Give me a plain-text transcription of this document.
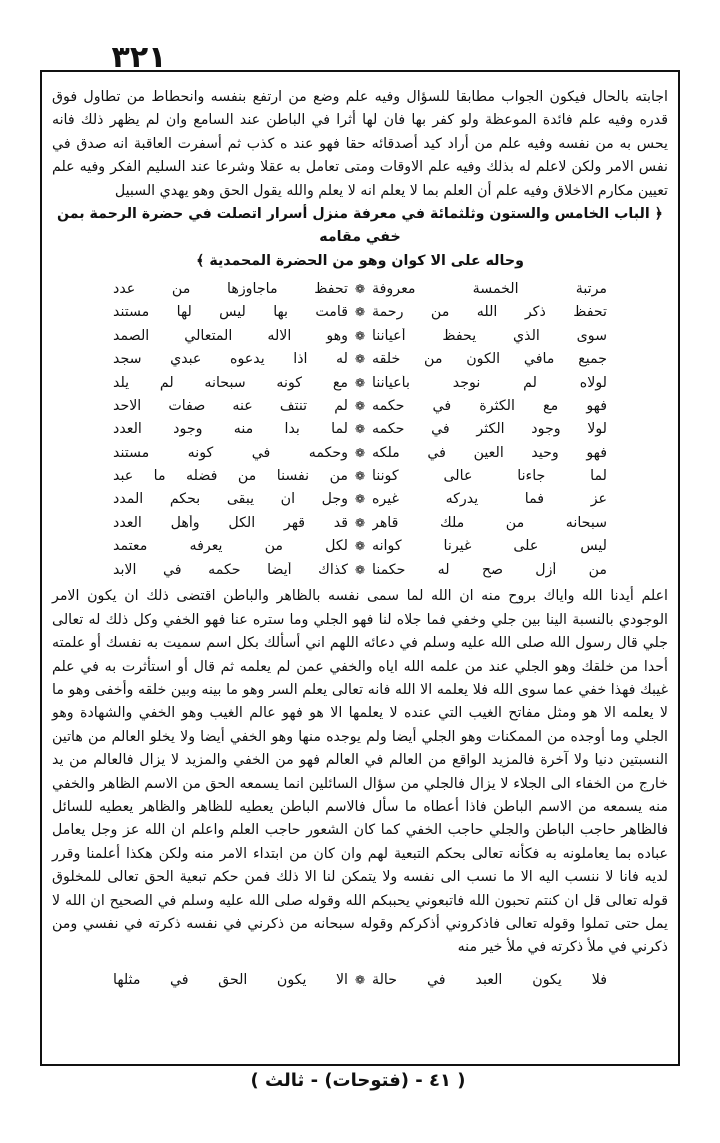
٣٢١

اجابته بالحال فيكون الجواب مطابقا للسؤال وفيه علم وضع من ارتفع بنفسه وانحطاط من تطاول فوق قدره وفيه علم فائدة الموعظة ولو كفر بها فان لها أثرا في الباطن عند السامع وان لم يظهر ذلك فانه يحس به من نفسه وفيه علم من أراد كيد أصدقائه حقا فهو عند ه كذب ثم أسفرت العاقبة انه صدق في نفس الامر ولكن لاعلم له بذلك وفيه علم الاوقات ومتى تعامل به عقلا وشرعا عند السليم الفكر وفيه علم تعيين مكارم الاخلاق وفيه علم أن العلم بما لا يعلم انه لا يعلم والله يقول الحق وهو يهدي السبيل

﴿ الباب الخامس والستون وثلثمائة في معرفة منزل أسرار اتصلت في حضرة الرحمة بمن خفي مقامه
وحاله على الا كوان وهو من الحضرة المحمدية ﴾
تحفظ ماجاوزها من عدد ❁ مرتبة الخمسة معروفة
قامت بها ليس لها مستند ❁ تحفظ ذكر الله من رحمة
وهو الاله المتعالي الصمد ❁ سوى الذي يحفظ أعياننا
له اذا يدعوه عبدي سجد ❁ جميع مافي الكون من خلقه
مع كونه سبحانه لم يلد ❁ لولاه لم نوجد بأعياننا
لم تنتف عنه صفات الاحد ❁ فهو مع الكثرة في حكمه
لما بدا منه وجود العدد ❁ لولا وجود الكثر في حكمه
وحكمه في كونه مستند ❁ فهو وحيد العين في ملكه
من نفسنا من فضله ما عبد ❁ لما جاءنا عالى كوننا
وجل ان يبقى بحكم المدد ❁ عز فما يدركه غيره
قد قهر الكل وأهل العدد ❁ سبحانه من ملك قاهر
لكل من يعرفه معتمد ❁ ليس على غيرنا كوانه
كذاك أيضا حكمه في الابد ❁ من أزل صح له حكمنا

اعلم أيدنا الله واياك بروح منه ان الله لما سمى نفسه بالظاهر والباطن اقتضى ذلك ان يكون الامر الوجودي بالنسبة الينا بين جلي وخفي فما جلاه لنا فهو الجلي وما ستره عنا فهو الخفي وكل ذلك له تعالى جلي قال رسول الله صلى الله عليه وسلم في دعائه اللهم اني أسألك بكل اسم سميت به نفسك أو علمته أحدا من خلقك وهو الجلي عند من علمه الله اياه والخفي عمن لم يعلمه ثم قال أو استأثرت به في علم غيبك فهذا خفي عما سوى الله فلا يعلمه الا الله فانه تعالى يعلم السر وهو ما بينه وبين خلقه وأخفى وهو ما لا يعلمه الا هو ومثل مفاتح الغيب التي عنده لا يعلمها الا هو فهو عالم الغيب وهو الخفي والشهادة وهو الجلي وما أوجده من الممكنات وهو الجلي أيضا ولم يوجده منها وهو الخفي أيضا ولا يخلو العالم من هاتين النسبتين دنيا ولا آخرة فالمزيد الواقع من العالم في العالم فهو من الخفي والمزيد لا يزال فالعالم من يد خارج من الخفاء الى الجلاء لا يزال فالجلي من سؤال السائلين انما يسمعه الحق من الاسم الظاهر والخفي منه يسمعه من الاسم الباطن فاذا أعطاه ما سأل فالاسم الباطن يعطيه للظاهر والظاهر يعطيه للسائل فالظاهر حاجب الباطن والجلي حاجب الخفي كما كان الشعور حاجب العلم واعلم ان الله عز وجل يعامل عباده بما يعاملونه به فكأنه تعالى بحكم التبعية لهم وان كان من ابتداء الامر منه ولكن هكذا أعلمنا وقرر لديه فانا لا ننسب اليه الا ما نسب الى نفسه ولا يتمكن لنا الا ذلك فمن حكم تبعية الحق تعالى للمخلوق قوله تعالى قل ان كنتم تحبون الله فاتبعوني يحببكم الله وقوله صلى الله عليه وسلم في الصحيح ان الله لا يمل حتى تملوا وقوله تعالى فاذكروني أذكركم وقوله سبحانه من ذكرني في نفسه ذكرته في نفسي ومن ذكرني في ملأ ذكرته في ملأ خير منه

الا يكون الحق في مثلها ❁ فلا يكون العبد في حالة
( ٤١ - (فتوحات) - ثالث )
